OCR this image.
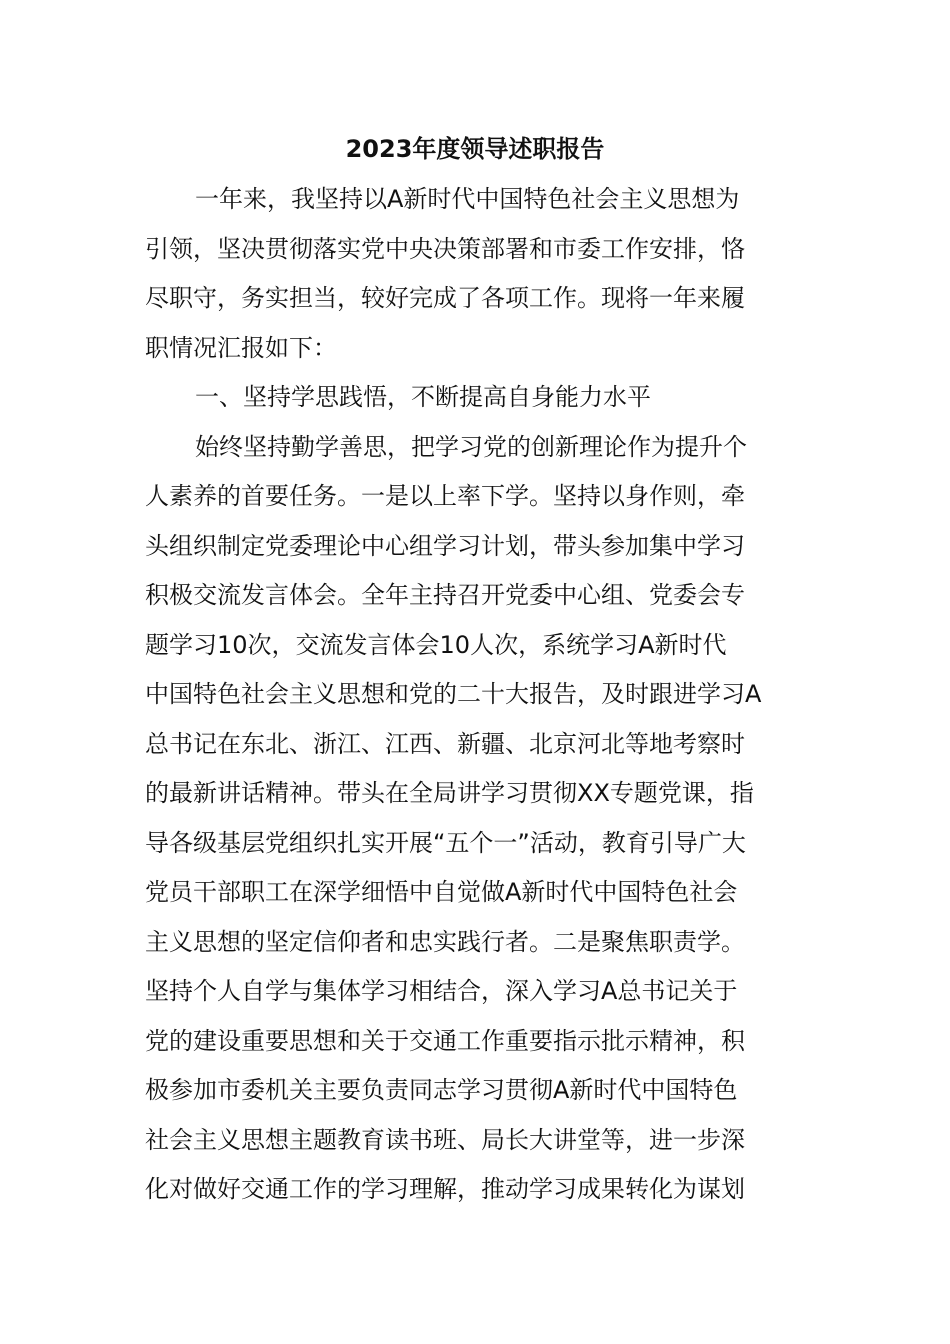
2023年度领导述职报告
一年来，我坚持以A新时代中国特色社会主义思想为
引领，坚决贯彻落实党中央决策部署和市委工作安排，恪
尽职守，务实担当，较好完成了各项工作。现将一年来履
职情况汇报如下：
一、坚持学思践悟，不断提高自身能力水平
始终坚持勤学善思，把学习党的创新理论作为提升个
人素养的首要任务。一是以上率下学。坚持以身作则，牵
头组织制定党委理论中心组学习计划，带头参加集中学习
积极交流发言体会。全年主持召开党委中心组、党委会专
题学习10次，交流发言体会10人次，系统学习A新时代
中国特色社会主义思想和党的二十大报告，及时跟进学习A
总书记在东北、浙江、江西、新疆、北京河北等地考察时
的最新讲话精神。带头在全局讲学习贯彻XX专题党课，指
导各级基层党组织扎实开展“五个一”活动，教育引导广大
党员干部职工在深学细悟中自觉做A新时代中国特色社会
主义思想的坚定信仰者和忠实践行者。二是聚焦职责学。
坚持个人自学与集体学习相结合，深入学习A总书记关于
党的建设重要思想和关于交通工作重要指示批示精神，积
极参加市委机关主要负责同志学习贯彻A新时代中国特色
社会主义思想主题教育读书班、局长大讲堂等，进一步深
化对做好交通工作的学习理解，推动学习成果转化为谋划
